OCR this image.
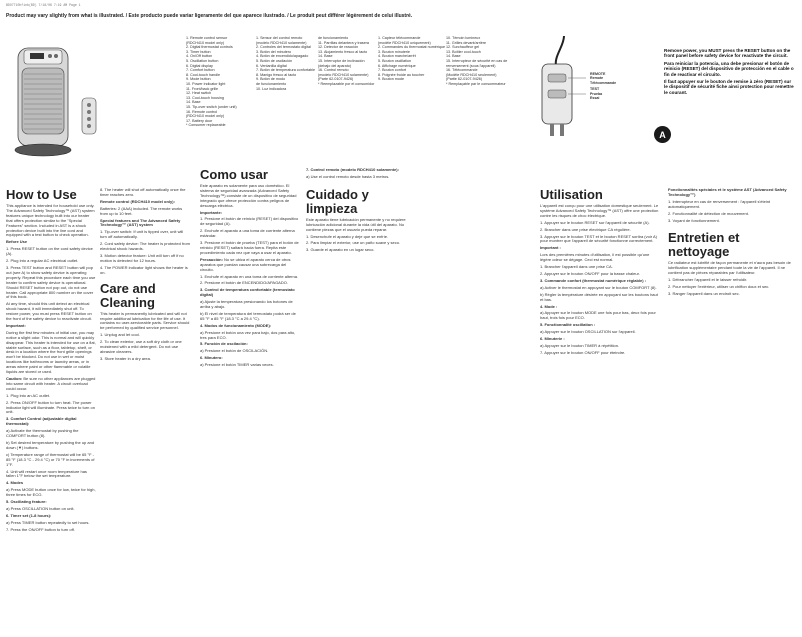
BDO7710hfinb(BD) 7/18/06 7:19 AM Page 1
Product may vary slightly from what is illustrated. / Este producto puede variar ligeramente del que aparece ilustrado. / Le produit peut différer légèrement de celui illustré.
1. Remote control sensor
(RDCH410 model only)
2. Digital thermostat controls
3. Timer button
4. On/Off button
5. Oscillation button
6. Digital display
7. Comfort button
8. Cool-touch handle
9. Mode button
10. Power indicator light
11. Front/back grille
12. Heat switch
13. Cool-touch housing
14. Base
15. Tip-over switch (under unit)
16. Remote control
(RDCH410 model only)
17. Battery door
* Consumer replaceable
1. Sensor del control remoto
(modelo RDCH410 solamente)
2. Controles del termostato digital
3. Botón del minutero
4. Botón de encendido/apagado
5. Botón de oscilación
6. Ventanilla digital
7. Botón de temperatura confortable
8. Manigo fresco al tacto
9. Botón de modo
de funcionamiento
10. Luz indicadora
de funcionamiento
11. Parrillas delantera y trasera
12. Detector de reacción
13. Alojamiento fresco al tacto
14. Base
15. Interruptor de inclinación
(debajo del aparato)
16. Control remoto
(modelo RDCH410 solamente)
(Parte 62-0107-9426)
* Reemplazable por el consumidor
1. Capteur télécommande
(modèle RDCH410 uniquement)
2. Commandes du thermostat numérique
3. Bouton minuterie
4. Bouton marche/arrêt
5. Bouton oscillation
6. Affichage numérique
7. Bouton confort
8. Poignée froide au toucher
9. Bouton mode
10. Témoin lumineux
11. Grilles devant/arrière
12. Surchauffeur gel
13. Boîtier cool-touch
14. Base
15. Interrupteur de sécurité en cas de
renversement (sous l'appareil)
16. Télécommande
(Modèle RDCH410 seulement)
(Partie 62-0107-9426)
* Remplaçable par le consommateur
REMOTE
Remote
Télécommande
TEST
Prueba
Essai
A

Remove power, you MUST press the RESET button on the front panel before safety device for reactivate the circuit.

Para reiniciar la potencia, una debe presionar el botón de reinicio (RESET) del dispositivo de protección en el cable o fin de reactivar el circuito.

Il faut appuyer sur le bouton de remise à zéro (RESET) sur le dispositif de sécurité fiche ainsi protection pour remettre le courant.

How to Use

This appliance is intended for household use only. The Advanced Safety Technology™ (AST) system features unique technology built into our heater that offers protection similar to the "Special Features" section. Included in AST is a shock protection device built into the line cord and equipped with a test button to check operation.

Before Use

1. Press RESET button on the cord safety device (A).

2. Plug into a regular AC electrical outlet.

3. Press TEST button and RESET button will pop out (see A) to show safety device is operating properly. Repeat this procedure each time you use heater to confirm safety device is operational. Should RESET button not pop out, do not use heater. Call appropriate 800 number on the cover of this book.

At any time, should this unit detect an electrical shock hazard, it will immediately shut off. To restore power, you must press RESET button on the front of the safety device to reactivate circuit.

Important:

During the first few minutes of initial use, you may notice a slight odor. This is normal and will quickly disappear. This heater is intended for use on a flat, stable surface, such as a floor, tabletop, shelf, or desk in a location where the front grille openings won't be blocked. Do not use in wet or moist locations like bathrooms or laundry areas, or in areas where paint or other flammable or volatile liquids are stored or used.

Caution: Be sure no other appliances are plugged into same circuit with heater. A circuit overload could occur.

1. Plug into an AC outlet.

2. Press ON/OFF button to turn heat. The power indicator light will illuminate. Press twice to turn on unit.

3. Comfort Control (adjustable digital thermostat):

a) Activate the thermostat by pushing the COMFORT button (8).

b) Set desired temperature by pushing the up and down (▼) buttons.

c) Temperature range of thermostat will be 65 °F - 85 °F (18.3 °C - 29.4 °C) or 70 °F in increments of 1°F.

4. Unit will restart once room temperature has fallen 1°F below the set temperature.

4. Modes

a) Press MODE button once for low, twice for high, three times for ECO.

5. Oscillating feature:

a) Press OSCILLATION button on unit.

6. Timer set (1-8 hours):

a) Press TIMER button repeatedly to set hours.

7. Press the ON/OFF button to turn off.

8. The heater will shut off automatically once the timer reaches zero.

Remote control (RDCH410 model only):

Batteries: 2 (AAA) included. The remote works from up to 10 feet.

Special features and The Advanced Safety Technology™ (AST) system

1. Tip-over switch: If unit is tipped over, unit will turn off automatically.

2. Cord safety device: The heater is protected from electrical shock hazards.

3. Motion detector feature: Unit will turn off if no motion is detected for 12 hours.

4. The POWER indicator light shows the heater is on.

Care and Cleaning

This heater is permanently lubricated and will not require additional lubrication for the life of use. It contains no user-serviceable parts. Service should be performed by qualified service personnel.

1. Unplug and let cool.

2. To clean exterior, use a soft dry cloth or one moistened with a mild detergent. Do not use abrasive cleaners.

3. Store heater in a dry area.

Como usar

Este aparato es solamente para uso doméstico. El sistema de seguridad avanzada (Advanced Safety Technology™) consiste de un dispositivo de seguridad integrado que ofrece protección contra peligros de descarga eléctrica.

Importante:

1. Presione el botón de reinicio (RESET) del dispositivo de seguridad (A).

2. Enchufe el aparato a una toma de corriente alterna estándar.

3. Presione el botón de prueba (TEST) para el botón de reinicio (RESET) saltará hacia fuera. Repita este procedimiento cada vez que vaya a usar el aparato.

Precaución: No se ubica el aparato cerca de otros aparatos que puedan causar una sobrecarga del circuito.

1. Enchufe el aparato en una toma de corriente alterna.

2. Presione el botón de ENCENDIDO/APAGADO.

3. Control de temperatura confortable (termostato digital)

a) Ajuste la temperatura presionando los botones de arriba y abajo.

b) El nivel de temperatura del termostato podrá ser de 65 °F a 85 °F (18.3 °C a 29.4 °C).

4. Modos de funcionamiento (MODE):

a) Presione el botón una vez para bajo, dos para alto, tres para ECO.

5. Función de oscilación:

a) Presione el botón de OSCILACIÓN.

6. Minutero:

a) Presione el botón TIMER varias veces.

7. Control remoto (modelo RDCH410 solamente):

a) Use el control remoto desde hasta 3 metros.

Cuidado y limpieza

Este aparato tiene lubricación permanente y no requiere lubricación adicional durante la vida útil del aparato. No contiene piezas que el usuario pueda reparar.

1. Desenchufe el aparato y deje que se enfríe.

2. Para limpiar el exterior, use un paño suave y seco.

3. Guarde el aparato en un lugar seco.

Utilisation

L'appareil est conçu pour une utilisation domestique seulement. Le système Advanced Safety Technology™ (AST) offre une protection contre les risques de choc électrique.

1. Appuyer sur le bouton RESET sur l'appareil de sécurité (A).

2. Brancher dans une prise électrique CA régulière.

3. Appuyer sur le bouton TEST et le bouton RESET sortira (voir A) pour montrer que l'appareil de sécurité fonctionne correctement.

Important :

Lors des premières minutes d'utilisation, il est possible qu'une légère odeur se dégage. Ceci est normal.

1. Brancher l'appareil dans une prise CA.

2. Appuyer sur le bouton ON/OFF pour la basse chaleur.

3. Commande confort (thermostat numérique réglable) :

a) Activer le thermostat en appuyant sur le bouton COMFORT (8).

b) Régler la température désirée en appuyant sur les boutons haut et bas.

4. Mode :

a) Appuyer sur le bouton MODE une fois pour bas, deux fois pour haut, trois fois pour ECO.

5. Fonctionnalité oscillation :

a) Appuyer sur le bouton OSCILLATION sur l'appareil.

6. Minuterie :

a) Appuyer sur le bouton TIMER à répétition.

7. Appuyer sur le bouton ON/OFF pour éteindre.

Fonctionnalités spéciales et le système AST (Advanced Safety Technology™)

1. Interrupteur en cas de renversement : l'appareil s'éteint automatiquement.

2. Fonctionnalité de détection de mouvement.

3. Voyant de fonctionnement.

Entretien et nettoyage

Ce radiateur est lubrifié de façon permanente et n'aura pas besoin de lubrification supplémentaire pendant toute la vie de l'appareil. Il ne contient pas de pièces réparables par l'utilisateur.

1. Débrancher l'appareil et le laisser refroidir.

2. Pour nettoyer l'extérieur, utiliser un chiffon doux et sec.

3. Ranger l'appareil dans un endroit sec.
